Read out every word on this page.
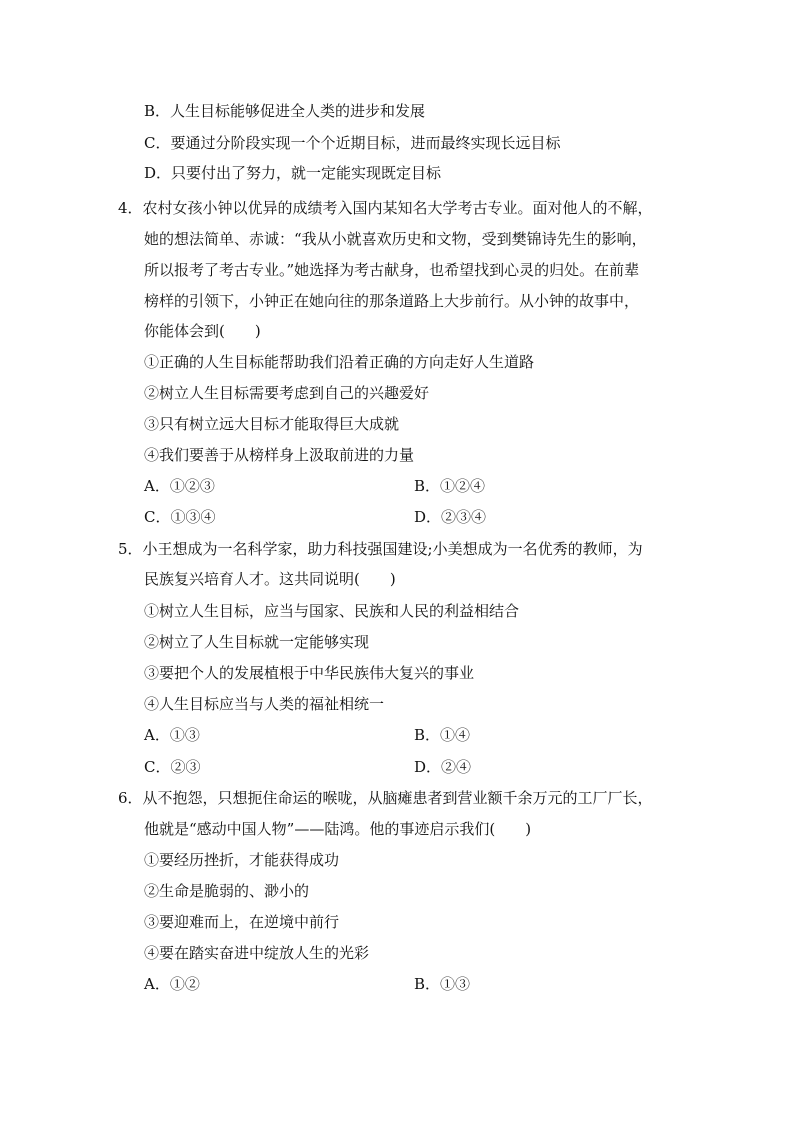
B．人生目标能够促进全人类的进步和发展
C．要通过分阶段实现一个个近期目标，进而最终实现长远目标
D．只要付出了努力，就一定能实现既定目标
4．农村女孩小钟以优异的成绩考入国内某知名大学考古专业。面对他人的不解，
她的想法简单、赤诚：“我从小就喜欢历史和文物，受到樊锦诗先生的影响，
所以报考了考古专业。”她选择为考古献身，也希望找到心灵的归处。在前辈
榜样的引领下，小钟正在她向往的那条道路上大步前行。从小钟的故事中，
你能体会到(　　)
①正确的人生目标能帮助我们沿着正确的方向走好人生道路
②树立人生目标需要考虑到自己的兴趣爱好
③只有树立远大目标才能取得巨大成就
④我们要善于从榜样身上汲取前进的力量
A．①②③	B．①②④
C．①③④	D．②③④
5．小王想成为一名科学家，助力科技强国建设;小美想成为一名优秀的教师，为
民族复兴培育人才。这共同说明(　　)
①树立人生目标，应当与国家、民族和人民的利益相结合
②树立了人生目标就一定能够实现
③要把个人的发展植根于中华民族伟大复兴的事业
④人生目标应当与人类的福祉相统一
A．①③	B．①④
C．②③	D．②④
6．从不抱怨，只想扼住命运的喉咙，从脑瘫患者到营业额千余万元的工厂厂长，
他就是“感动中国人物”——陆鸿。他的事迹启示我们(　　)
①要经历挫折，才能获得成功
②生命是脆弱的、渺小的
③要迎难而上，在逆境中前行
④要在踏实奋进中绽放人生的光彩
A．①②	B．①③
